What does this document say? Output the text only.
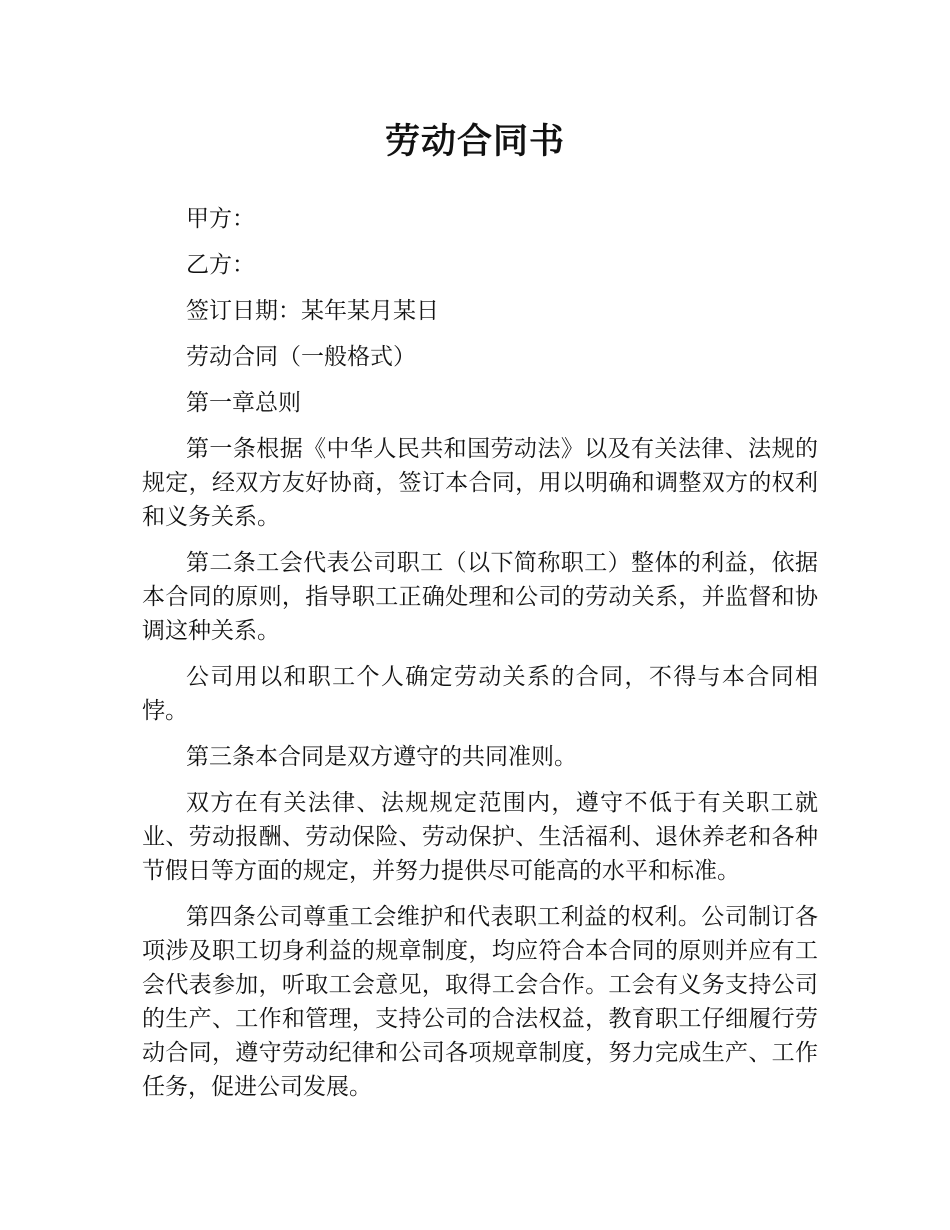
劳动合同书

甲方：

乙方：

签订日期：某年某月某日

劳动合同（一般格式）

第一章总则

第一条根据《中华人民共和国劳动法》以及有关法律、法规的规定，经双方友好协商，签订本合同，用以明确和调整双方的权利和义务关系。

第二条工会代表公司职工（以下简称职工）整体的利益，依据本合同的原则，指导职工正确处理和公司的劳动关系，并监督和协调这种关系。

公司用以和职工个人确定劳动关系的合同，不得与本合同相悖。

第三条本合同是双方遵守的共同准则。

双方在有关法律、法规规定范围内，遵守不低于有关职工就业、劳动报酬、劳动保险、劳动保护、生活福利、退休养老和各种节假日等方面的规定，并努力提供尽可能高的水平和标准。

第四条公司尊重工会维护和代表职工利益的权利。公司制订各项涉及职工切身利益的规章制度，均应符合本合同的原则并应有工会代表参加，听取工会意见，取得工会合作。工会有义务支持公司的生产、工作和管理，支持公司的合法权益，教育职工仔细履行劳动合同，遵守劳动纪律和公司各项规章制度，努力完成生产、工作任务，促进公司发展。
